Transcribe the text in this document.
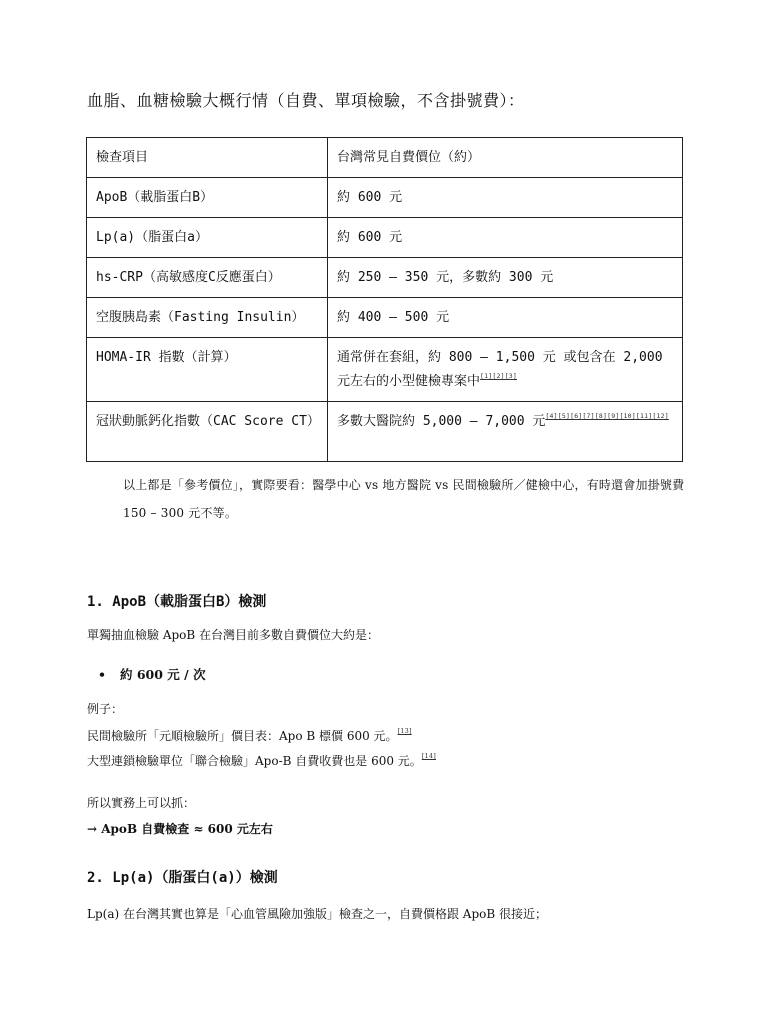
血脂、血糖檢驗大概行情（自費、單項檢驗，不含掛號費）：
檢查項目	台灣常見自費價位（約）
ApoB（載脂蛋白B）	約 600 元
Lp(a)（脂蛋白a）	約 600 元
hs-CRP（高敏感度C反應蛋白）	約 250 – 350 元，多數約 300 元
空腹胰島素（Fasting Insulin）	約 400 – 500 元
HOMA-IR 指數（計算）	通常併在套組，約 800 – 1,500 元 或包含在 2,000 元左右的小型健檢專案中[1][2][3]
冠狀動脈鈣化指數（CAC Score CT）	多數大醫院約 5,000 – 7,000 元[4][5][6][7][8][9][10][11][12]
以上都是「參考價位」，實際要看：醫學中心 vs 地方醫院 vs 民間檢驗所／健檢中心，有時還會加掛號費 150 – 300 元不等。
1. ApoB（載脂蛋白B）檢測
單獨抽血檢驗 ApoB 在台灣目前多數自費價位大約是：
• 約 600 元 / 次
例子：
民間檢驗所「元順檢驗所」價目表：Apo B 標價 600 元。[13]
大型連鎖檢驗單位「聯合檢驗」Apo-B 自費收費也是 600 元。[14]
所以實務上可以抓：
→ ApoB 自費檢查 ≈ 600 元左右
2. Lp(a)（脂蛋白(a)）檢測
Lp(a) 在台灣其實也算是「心血管風險加強版」檢查之一，自費價格跟 ApoB 很接近；
